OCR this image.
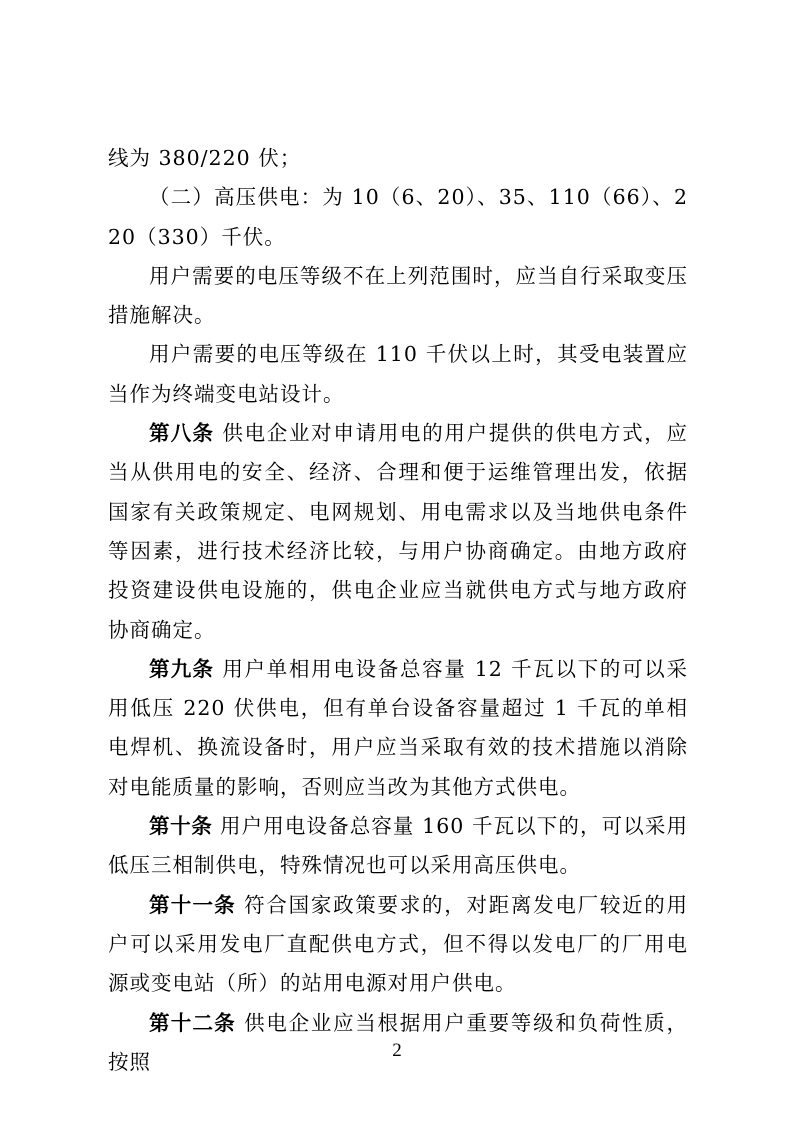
线为 380/220 伏；

（二）高压供电：为 10（6、20）、35、110（66）、220（330）千伏。

用户需要的电压等级不在上列范围时，应当自行采取变压措施解决。

用户需要的电压等级在 110 千伏以上时，其受电装置应当作为终端变电站设计。

第八条 供电企业对申请用电的用户提供的供电方式，应当从供用电的安全、经济、合理和便于运维管理出发，依据国家有关政策规定、电网规划、用电需求以及当地供电条件等因素，进行技术经济比较，与用户协商确定。由地方政府投资建设供电设施的，供电企业应当就供电方式与地方政府协商确定。

第九条 用户单相用电设备总容量 12 千瓦以下的可以采用低压 220 伏供电，但有单台设备容量超过 1 千瓦的单相电焊机、换流设备时，用户应当采取有效的技术措施以消除对电能质量的影响，否则应当改为其他方式供电。

第十条 用户用电设备总容量 160 千瓦以下的，可以采用低压三相制供电，特殊情况也可以采用高压供电。

第十一条 符合国家政策要求的，对距离发电厂较近的用户可以采用发电厂直配供电方式，但不得以发电厂的厂用电源或变电站（所）的站用电源对用户供电。

第十二条 供电企业应当根据用户重要等级和负荷性质，按照	2
